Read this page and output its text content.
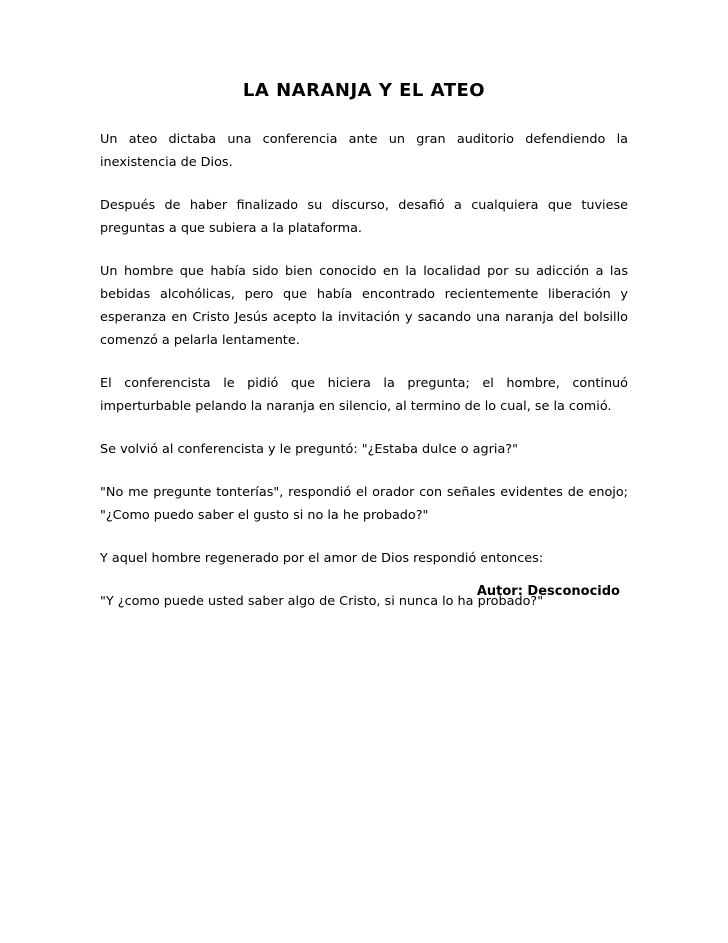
LA NARANJA Y EL ATEO

Un ateo dictaba una conferencia ante un gran auditorio defendiendo la inexistencia de Dios.

Después de haber finalizado su discurso, desafió a cualquiera que tuviese preguntas a que subiera a la plataforma.

Un hombre que había sido bien conocido en la localidad por su adicción a las bebidas alcohólicas, pero que había encontrado recientemente liberación y esperanza en Cristo Jesús acepto la invitación y sacando una naranja del bolsillo comenzó a pelarla lentamente.

El conferencista le pidió que hiciera la pregunta; el hombre, continuó imperturbable pelando la naranja en silencio, al termino de lo cual, se la comió.

Se volvió al conferencista y le preguntó: "¿Estaba dulce o agria?"

"No me pregunte tonterías", respondió el orador con señales evidentes de enojo; "¿Como puedo saber el gusto si no la he probado?"

Y aquel hombre regenerado por el amor de Dios respondió entonces:

"Y ¿como puede usted saber algo de Cristo, si nunca lo ha probado?"

Autor: Desconocido
